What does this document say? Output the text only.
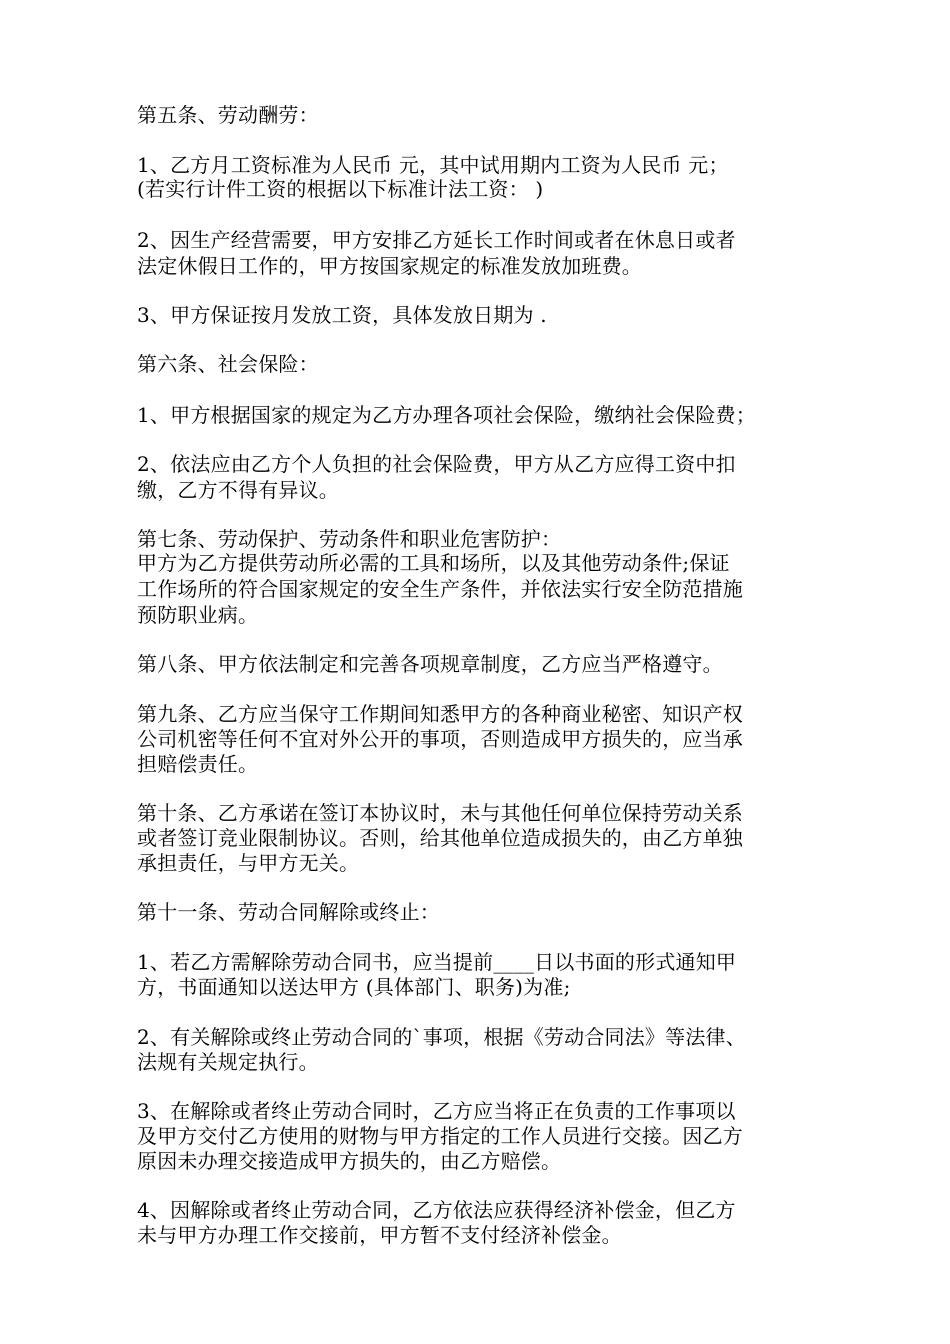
第五条、劳动酬劳：

1、乙方月工资标准为人民币 元，其中试用期内工资为人民币 元；

(若实行计件工资的根据以下标准计法工资： )

2、因生产经营需要，甲方安排乙方延长工作时间或者在休息日或者

法定休假日工作的，甲方按国家规定的标准发放加班费。

3、甲方保证按月发放工资，具体发放日期为 .

第六条、社会保险：

1、甲方根据国家的规定为乙方办理各项社会保险，缴纳社会保险费；

2、依法应由乙方个人负担的社会保险费，甲方从乙方应得工资中扣

缴，乙方不得有异议。

第七条、劳动保护、劳动条件和职业危害防护：

甲方为乙方提供劳动所必需的工具和场所，以及其他劳动条件;保证

工作场所的符合国家规定的安全生产条件，并依法实行安全防范措施

预防职业病。

第八条、甲方依法制定和完善各项规章制度，乙方应当严格遵守。

第九条、乙方应当保守工作期间知悉甲方的各种商业秘密、知识产权

公司机密等任何不宜对外公开的事项，否则造成甲方损失的，应当承

担赔偿责任。

第十条、乙方承诺在签订本协议时，未与其他任何单位保持劳动关系

或者签订竞业限制协议。否则，给其他单位造成损失的，由乙方单独

承担责任，与甲方无关。

第十一条、劳动合同解除或终止：

1、若乙方需解除劳动合同书，应当提前____日以书面的形式通知甲

方，书面通知以送达甲方 (具体部门、职务)为准;

2、有关解除或终止劳动合同的`事项，根据《劳动合同法》等法律、

法规有关规定执行。

3、在解除或者终止劳动合同时，乙方应当将正在负责的工作事项以

及甲方交付乙方使用的财物与甲方指定的工作人员进行交接。因乙方

原因未办理交接造成甲方损失的，由乙方赔偿。

4、因解除或者终止劳动合同，乙方依法应获得经济补偿金，但乙方

未与甲方办理工作交接前，甲方暂不支付经济补偿金。
